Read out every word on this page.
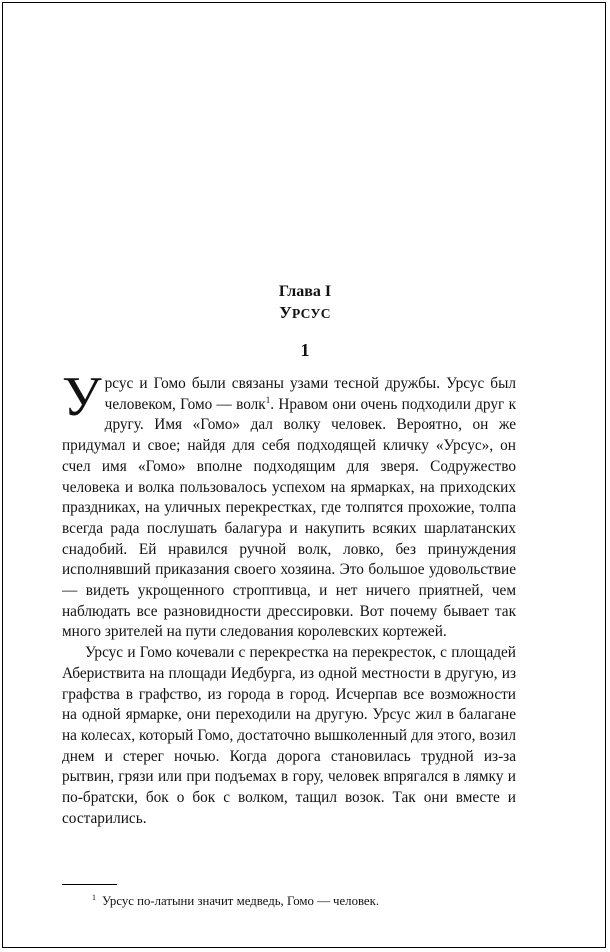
Глава I
УРСУС
1

Урсус и Гомо были связаны узами тесной дружбы. Урсус был человеком, Гомо — волк$^1$. Нравом они очень подходили друг к другу. Имя «Гомо» дал волку человек. Вероятно, он же придумал и свое; найдя для себя подходящей кличку «Урсус», он счел имя «Гомо» вполне подходящим для зверя. Содружество человека и волка пользовалось успехом на ярмарках, на приходских праздниках, на уличных перекрестках, где толпятся прохожие, толпа всегда рада послушать балагура и накупить всяких шарлатанских снадобий. Ей нравился ручной волк, ловко, без принуждения исполнявший приказания своего хозяина. Это большое удовольствие — видеть укрощенного строптивца, и нет ничего приятней, чем наблюдать все разновидности дрессировки. Вот почему бывает так много зрителей на пути следования королевских кортежей.

Урсус и Гомо кочевали с перекрестка на перекресток, с площадей Абериствита на площади Иедбурга, из одной местности в другую, из графства в графство, из города в город. Исчерпав все возможности на одной ярмарке, они переходили на другую. Урсус жил в балагане на колесах, который Гомо, достаточно вышколенный для этого, возил днем и стерег ночью. Когда дорога становилась трудной из-за рытвин, грязи или при подъемах в гору, человек впрягался в лямку и по-братски, бок о бок с волком, тащил возок. Так они вместе и состарились.

$^1$ Урсус по-латыни значит медведь, Гомо — человек.
